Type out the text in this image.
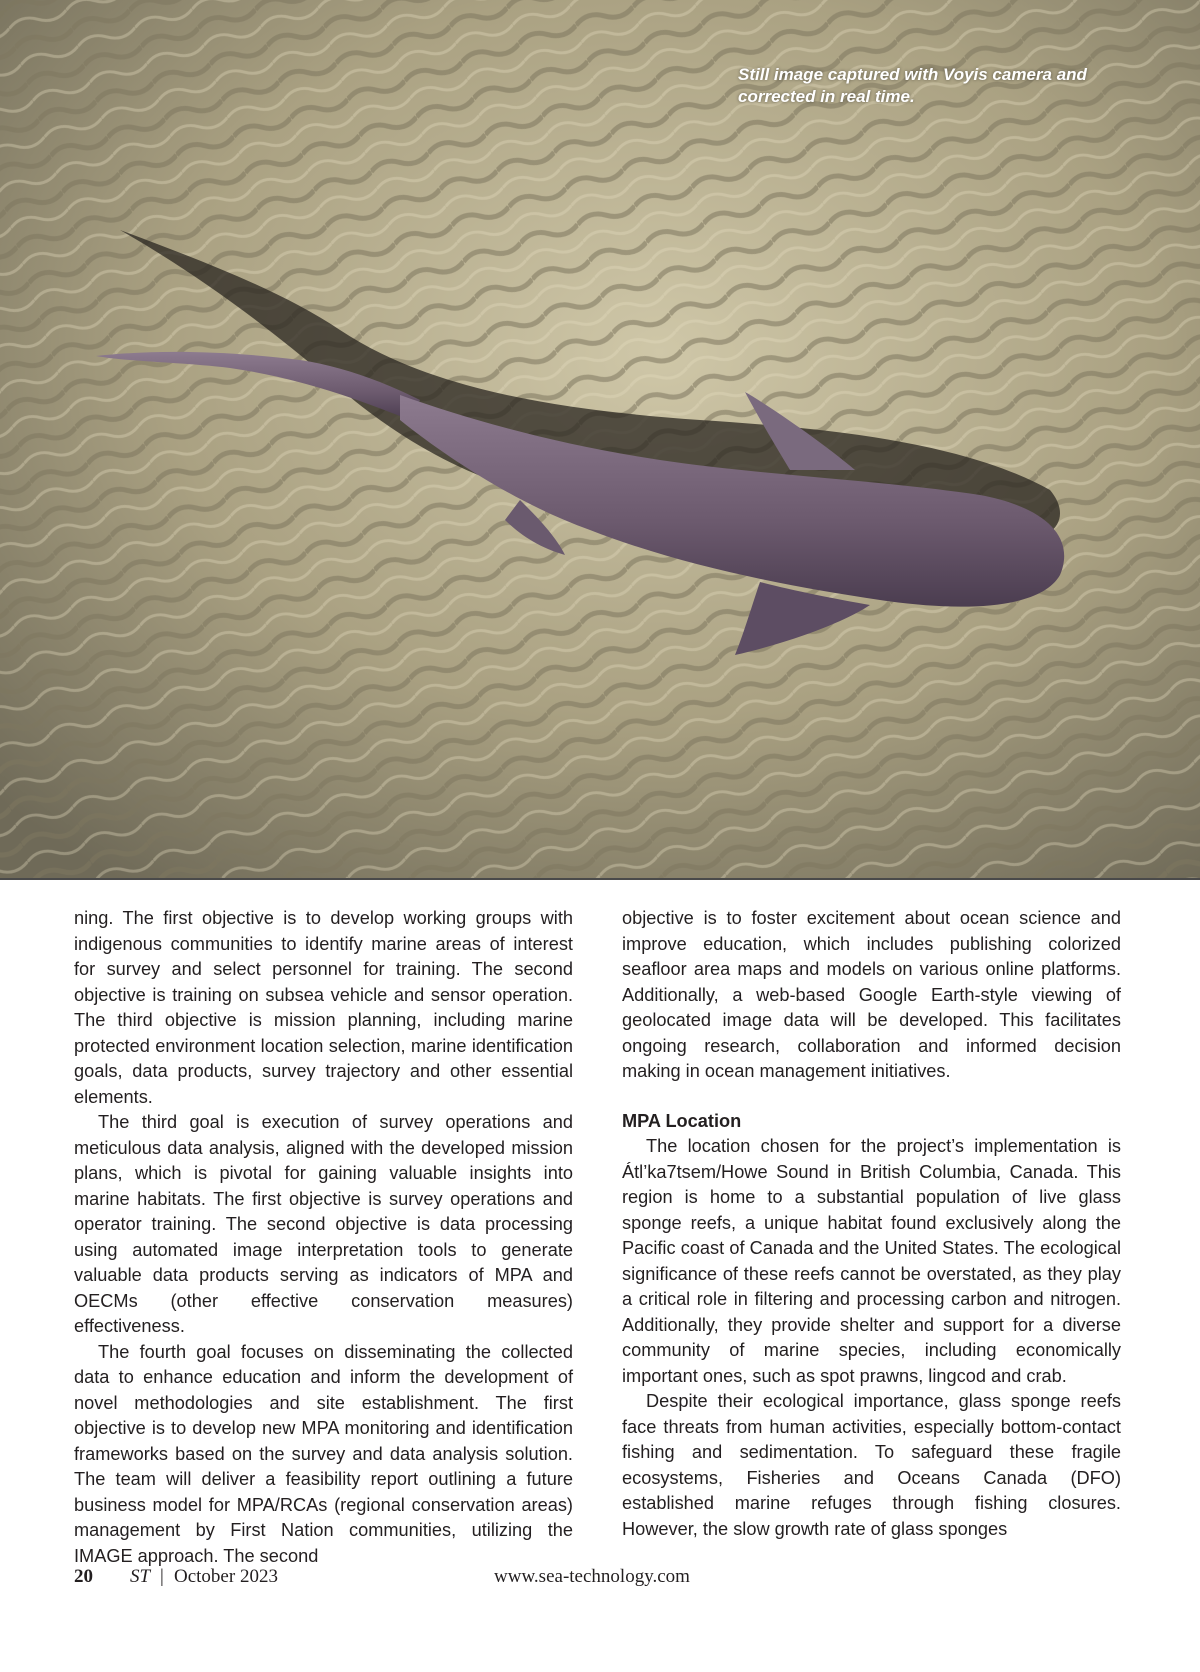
Still image captured with Voyis camera and corrected in real time.

ning. The first objective is to develop working groups with indigenous communities to identify marine areas of interest for survey and select personnel for training. The second objective is training on subsea vehicle and sensor operation. The third objective is mission planning, including marine protected environment location selection, marine identification goals, data products, survey trajectory and other essential elements.

The third goal is execution of survey operations and meticulous data analysis, aligned with the developed mission plans, which is pivotal for gaining valuable insights into marine habitats. The first objective is survey operations and operator training. The second objective is data processing using automated image interpretation tools to generate valuable data products serving as indicators of MPA and OECMs (other effective conservation measures) effectiveness.

The fourth goal focuses on disseminating the collected data to enhance education and inform the development of novel methodologies and site establishment. The first objective is to develop new MPA monitoring and identification frameworks based on the survey and data analysis solution. The team will deliver a feasibility report outlining a future business model for MPA/RCAs (regional conservation areas) management by First Nation communities, utilizing the IMAGE approach. The second

objective is to foster excitement about ocean science and improve education, which includes publishing colorized seafloor area maps and models on various online platforms. Additionally, a web-based Google Earth-style viewing of geolocated image data will be developed. This facilitates ongoing research, collaboration and informed decision making in ocean management initiatives.

MPA Location

The location chosen for the project’s implementation is Átl’ka7tsem/Howe Sound in British Columbia, Canada. This region is home to a substantial population of live glass sponge reefs, a unique habitat found exclusively along the Pacific coast of Canada and the United States. The ecological significance of these reefs cannot be overstated, as they play a critical role in filtering and processing carbon and nitrogen. Additionally, they provide shelter and support for a diverse community of marine species, including economically important ones, such as spot prawns, lingcod and crab.

Despite their ecological importance, glass sponge reefs face threats from human activities, especially bottom-contact fishing and sedimentation. To safeguard these fragile ecosystems, Fisheries and Oceans Canada (DFO) established marine refuges through fishing closures. However, the slow growth rate of glass sponges

20 ST | October 2023	www.sea-technology.com
